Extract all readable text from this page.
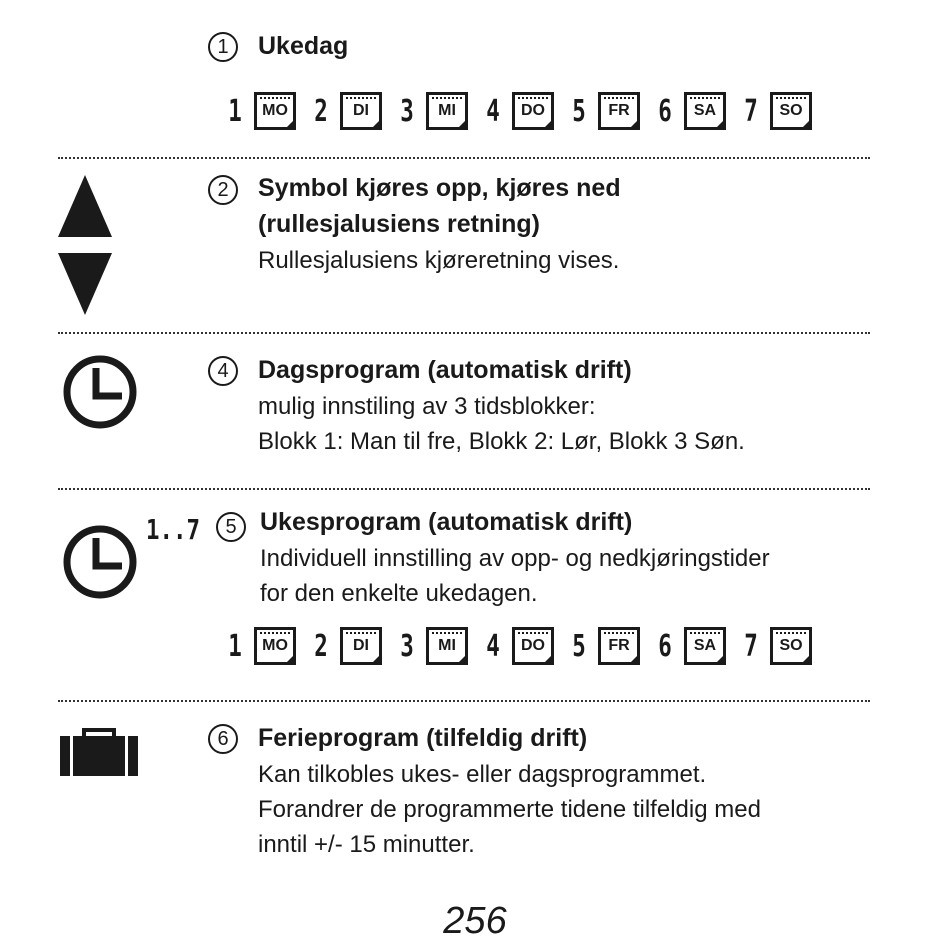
1	Ukedag
1	MO 2	DI	3	MI	4	DO 5	FR 6	SA 7	SO
2	Symbol kjøres opp, kjøres ned
(rullesjalusiens retning)
Rullesjalusiens kjøreretning vises.
4	Dagsprogram (automatisk drift)
mulig innstiling av 3 tidsblokker:
Blokk 1: Man til fre, Blokk 2: Lør, Blokk 3 Søn.
1..7	5 Ukesprogram (automatisk drift)
Individuell innstilling av opp- og nedkjøringstider
for den enkelte ukedagen.
1	MO 2	DI	3	MI	4	DO 5	FR 6	SA 7	SO
6	Ferieprogram (tilfeldig drift)
Kan tilkobles ukes- eller dagsprogrammet.
Forandrer de programmerte tidene tilfeldig med
inntil +/- 15 minutter.
256
